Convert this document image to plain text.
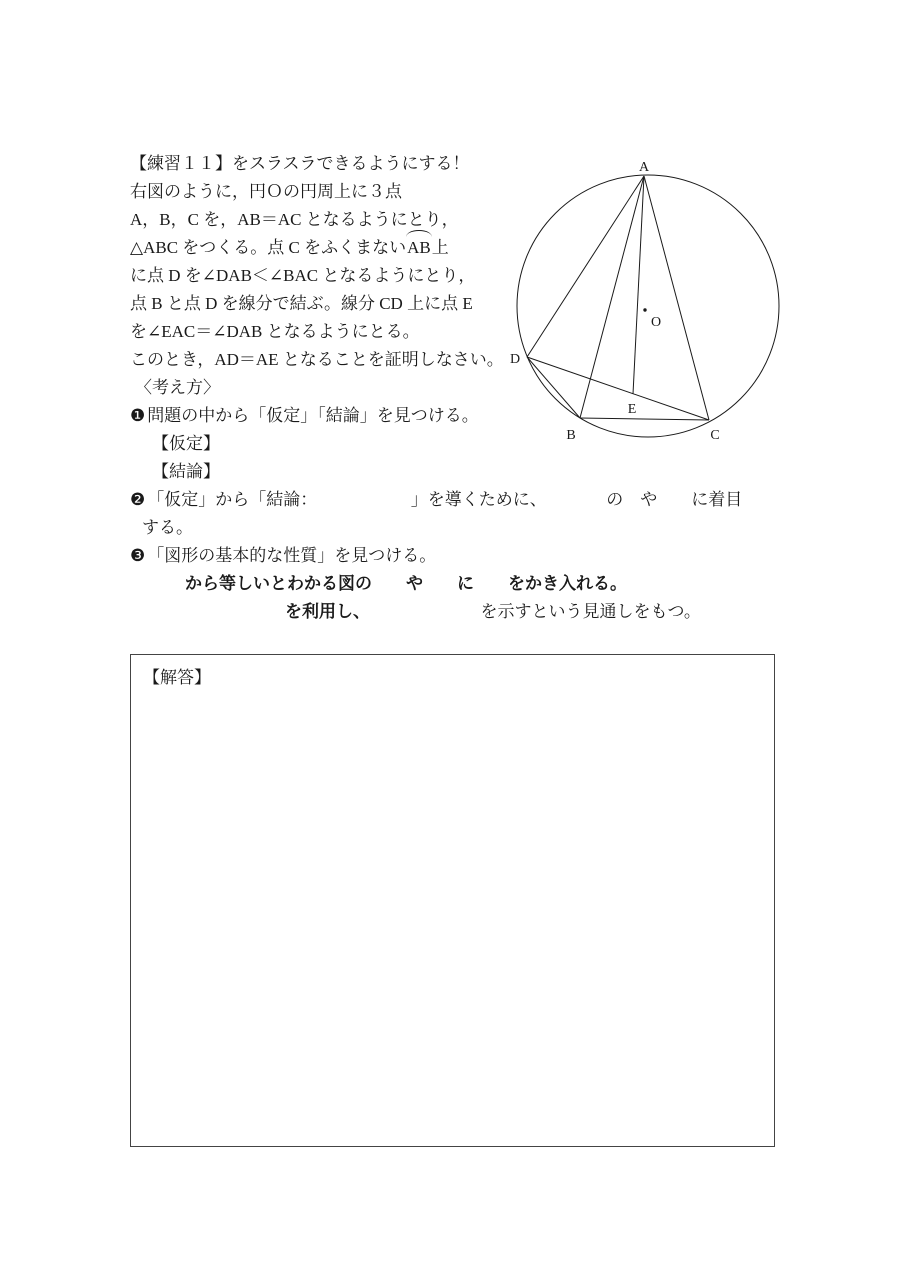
【練習１１】をスラスラできるようにする！
右図のように，円Ｏの円周上に３点
A，B，C を，AB＝AC となるようにとり，
△ABC をつくる。点 C をふくまないAB上
に点 D を∠DAB＜∠BAC となるようにとり，
点 B と点 D を線分で結ぶ。線分 CD 上に点 E
を∠EAC＝∠DAB となるようにとる。
このとき，AD＝AE となることを証明しなさい。
〈考え方〉
❶問題の中から「仮定」「結論」を見つける。
【仮定】
【結論】
❷「仮定」から「結論：　　　　　　」を導くために、　　　　の　や　　に着目
する。
❸「図形の基本的な性質」を見つける。
から等しいとわかる図の　　や　　に　　をかき入れる。
を利用し、　　　　　　　を示すという見通しをもつ。
A
B	C
D
E
O
【解答】
